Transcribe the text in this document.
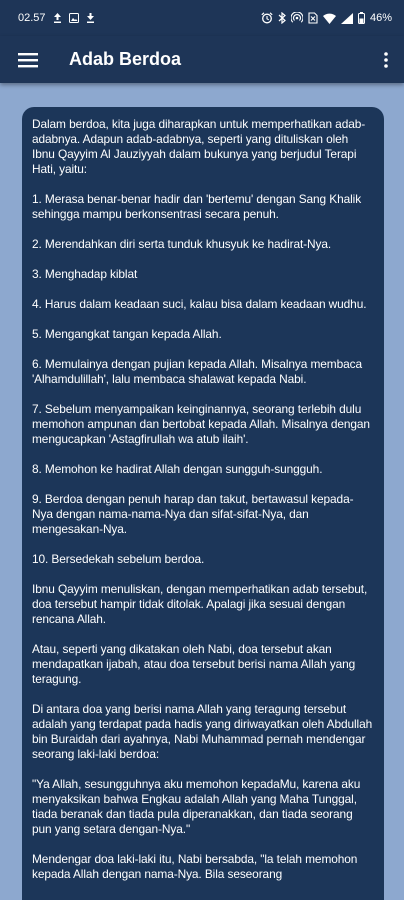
02.57	46%
Adab Berdoa

Dalam berdoa, kita juga diharapkan untuk memperhatikan adab-adabnya. Adapun adab-adabnya, seperti yang dituliskan oleh Ibnu Qayyim Al Jauziyyah dalam bukunya yang berjudul Terapi Hati, yaitu:

1. Merasa benar-benar hadir dan 'bertemu' dengan Sang Khalik sehingga mampu berkonsentrasi secara penuh.

2. Merendahkan diri serta tunduk khusyuk ke hadirat-Nya.

3. Menghadap kiblat

4. Harus dalam keadaan suci, kalau bisa dalam keadaan wudhu.

5. Mengangkat tangan kepada Allah.

6. Memulainya dengan pujian kepada Allah. Misalnya membaca 'Alhamdulillah', lalu membaca shalawat kepada Nabi.

7. Sebelum menyampaikan keinginannya, seorang terlebih dulu memohon ampunan dan bertobat kepada Allah. Misalnya dengan mengucapkan 'Astagfirullah wa atub ilaih'.

8. Memohon ke hadirat Allah dengan sungguh-sungguh.

9. Berdoa dengan penuh harap dan takut, bertawasul kepada-Nya dengan nama-nama-Nya dan sifat-sifat-Nya, dan mengesakan-Nya.

10. Bersedekah sebelum berdoa.

Ibnu Qayyim menuliskan, dengan memperhatikan adab tersebut, doa tersebut hampir tidak ditolak. Apalagi jika sesuai dengan rencana Allah.

Atau, seperti yang dikatakan oleh Nabi, doa tersebut akan mendapatkan ijabah, atau doa tersebut berisi nama Allah yang teragung.

Di antara doa yang berisi nama Allah yang teragung tersebut adalah yang terdapat pada hadis yang diriwayatkan oleh Abdullah bin Buraidah dari ayahnya, Nabi Muhammad pernah mendengar seorang laki-laki berdoa:

"Ya Allah, sesungguhnya aku memohon kepadaMu, karena aku menyaksikan bahwa Engkau adalah Allah yang Maha Tunggal, tiada beranak dan tiada pula diperanakkan, dan tiada seorang pun yang setara dengan-Nya."

Mendengar doa laki-laki itu, Nabi bersabda, "la telah memohon kepada Allah dengan nama-Nya. Bila seseorang
